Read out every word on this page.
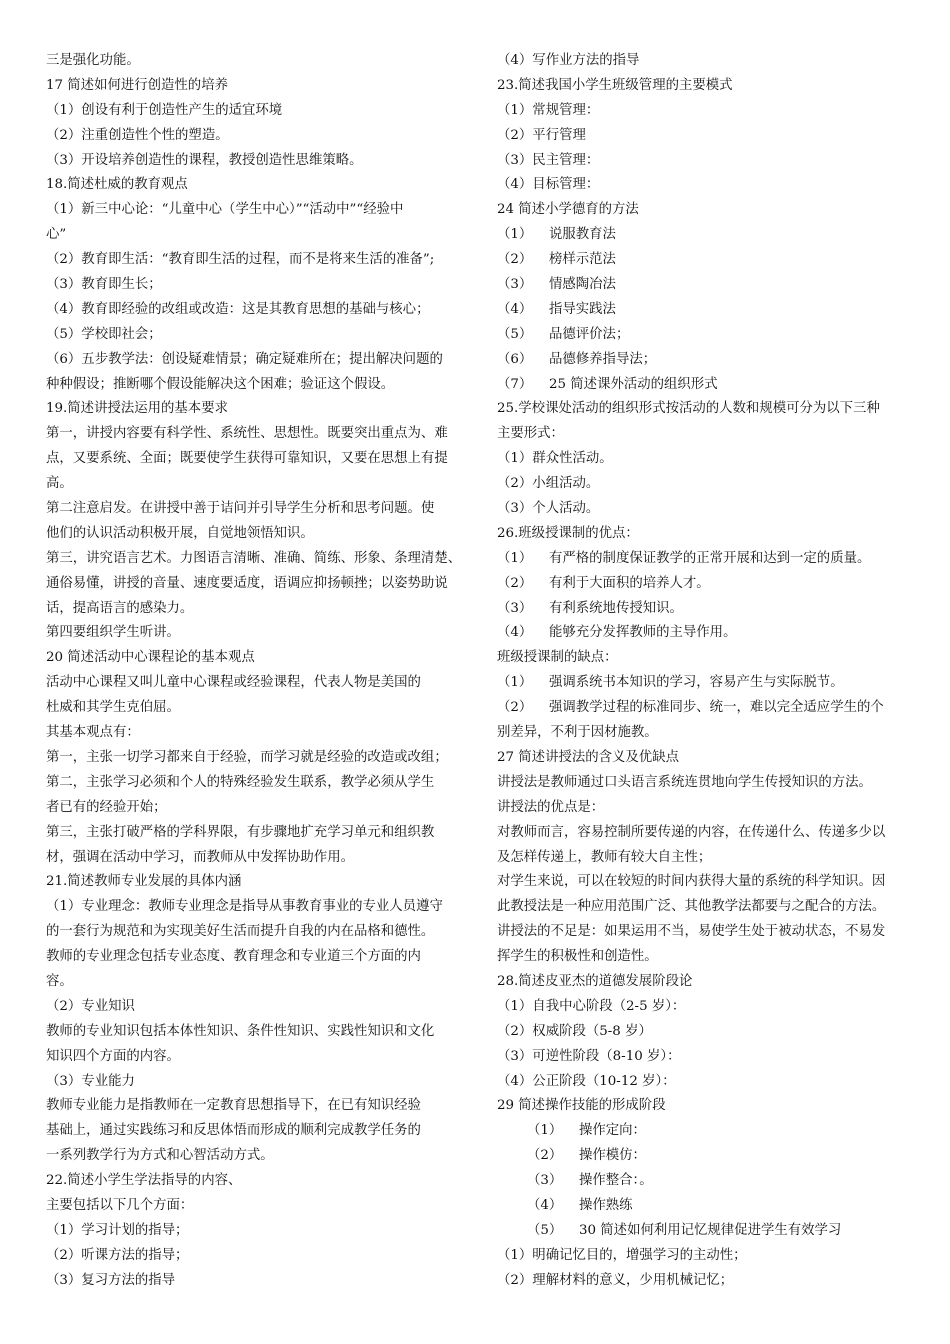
三是强化功能。
17 简述如何进行创造性的培养
（1）创设有利于创造性产生的适宜环境
（2）注重创造性个性的塑造。
（3）开设培养创造性的课程，教授创造性思维策略。
18.简述杜威的教育观点
（1）新三中心论：“儿童中心（学生中心）”“活动中”“经验中
心”
（2）教育即生活：“教育即生活的过程，而不是将来生活的准备”;
（3）教育即生长；
（4）教育即经验的改组或改造：这是其教育思想的基础与核心；
（5）学校即社会；
（6）五步教学法：创设疑难情景；确定疑难所在；提出解决问题的
种种假设；推断哪个假设能解决这个困难；验证这个假设。
19.简述讲授法运用的基本要求
第一，讲授内容要有科学性、系统性、思想性。既要突出重点为、难
点，又要系统、全面；既要使学生获得可靠知识，又要在思想上有提
高。
第二注意启发。在讲授中善于诘问并引导学生分析和思考问题。使
他们的认识活动积极开展，自觉地领悟知识。
第三，讲究语言艺术。力图语言清晰、准确、简练、形象、条理清楚、
通俗易懂，讲授的音量、速度要适度，语调应抑扬顿挫；以姿势助说
话，提高语言的感染力。
第四要组织学生听讲。
20 简述活动中心课程论的基本观点
活动中心课程又叫儿童中心课程或经验课程，代表人物是美国的
杜威和其学生克伯屈。
其基本观点有：
第一，主张一切学习都来自于经验，而学习就是经验的改造或改组；
第二，主张学习必须和个人的特殊经验发生联系，教学必须从学生
者已有的经验开始；
第三，主张打破严格的学科界限，有步骤地扩充学习单元和组织教
材，强调在活动中学习，而教师从中发挥协助作用。
21.简述教师专业发展的具体内涵
（1）专业理念：教师专业理念是指导从事教育事业的专业人员遵守
的一套行为规范和为实现美好生活而提升自我的内在品格和德性。
教师的专业理念包括专业态度、教育理念和专业道三个方面的内
容。
（2）专业知识
教师的专业知识包括本体性知识、条件性知识、实践性知识和文化
知识四个方面的内容。
（3）专业能力
教师专业能力是指教师在一定教育思想指导下，在已有知识经验
基础上，通过实践练习和反思体悟而形成的顺利完成教学任务的
一系列教学行为方式和心智活动方式。
22.简述小学生学法指导的内容、
主要包括以下几个方面：
（1）学习计划的指导；
（2）听课方法的指导；
（3）复习方法的指导
（4）写作业方法的指导
23.简述我国小学生班级管理的主要模式
（1）常规管理：
（2）平行管理
（3）民主管理：
（4）目标管理：
24 简述小学德育的方法
（1）	说服教育法
（2）	榜样示范法
（3）	情感陶冶法
（4）	指导实践法
（5）	品德评价法；
（6）	品德修养指导法；
（7）	25 简述课外活动的组织形式
25.学校课处活动的组织形式按活动的人数和规模可分为以下三种
主要形式：
（1）群众性活动。
（2）小组活动。
（3）个人活动。
26.班级授课制的优点：
（1）	有严格的制度保证教学的正常开展和达到一定的质量。
（2）	有利于大面积的培养人才。
（3）	有利系统地传授知识。
（4）	能够充分发挥教师的主导作用。
班级授课制的缺点：
（1）	强调系统书本知识的学习，容易产生与实际脱节。
（2）	强调教学过程的标准同步、统一，难以完全适应学生的个
别差异，不利于因材施教。
27 简述讲授法的含义及优缺点
讲授法是教师通过口头语言系统连贯地向学生传授知识的方法。
讲授法的优点是：
对教师而言，容易控制所要传递的内容，在传递什么、传递多少以
及怎样传递上，教师有较大自主性；
对学生来说，可以在较短的时间内获得大量的系统的科学知识。因
此教授法是一种应用范围广泛、其他教学法都要与之配合的方法。
讲授法的不足是：如果运用不当，易使学生处于被动状态，不易发
挥学生的积极性和创造性。
28.简述皮亚杰的道德发展阶段论
（1）自我中心阶段（2-5 岁）：
（2）权威阶段（5-8 岁）
（3）可逆性阶段（8-10 岁）：
（4）公正阶段（10-12 岁）：
29 简述操作技能的形成阶段
（1）	操作定向：
（2）	操作模仿：
（3）	操作整合：。
（4）	操作熟练
（5）	30 简述如何利用记忆规律促进学生有效学习
（1）明确记忆目的，增强学习的主动性；
（2）理解材料的意义，少用机械记忆；
